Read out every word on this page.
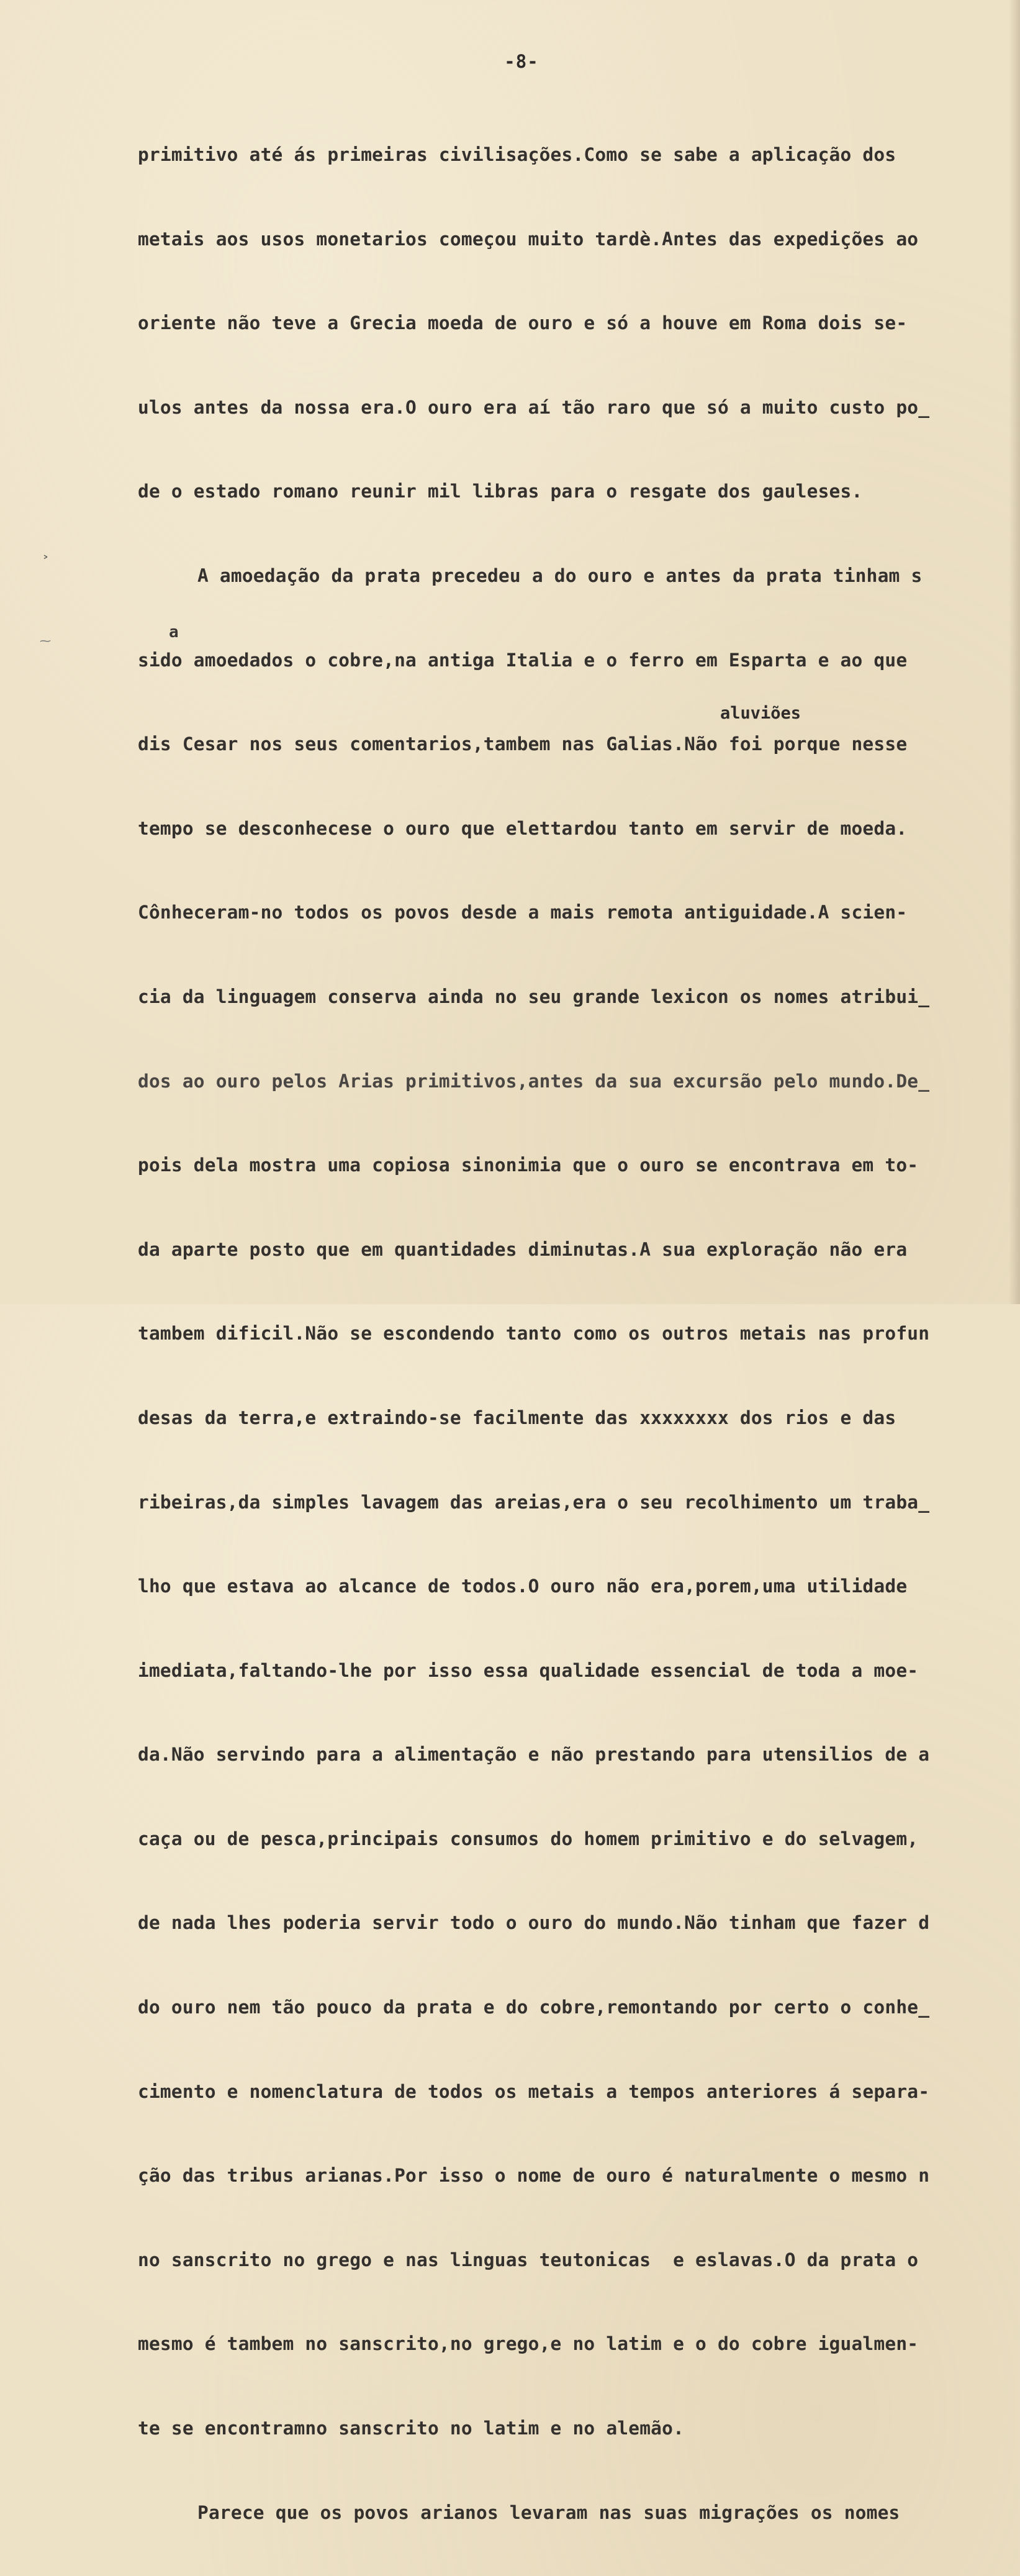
-8-

primitivo até ás primeiras civilisações.Como se sabe a aplicação dos

metais aos usos monetarios começou muito tardè.Antes das expedições ao

oriente não teve a Grecia moeda de ouro e só a houve em Roma dois se-

ulos antes da nossa era.O ouro era aí tão raro que só a muito custo po_

de o estado romano reunir mil libras para o resgate dos gauleses.

A amoedação da prata precedeu a do ouro e antes da prata tinham s

sido amoedados o cobre,na antiga Italia e o ferro em Esparta e ao que

dis Cesar nos seus comentarios,tambem nas Galias.Não foi porque nesse

tempo se desconhecese o ouro que elettardou tanto em servir de moeda.

Cônheceram-no todos os povos desde a mais remota antiguidade.A scien-

cia da linguagem conserva ainda no seu grande lexicon os nomes atribui_

dos ao ouro pelos Arias primitivos,antes da sua excursão pelo mundo.De_

pois dela mostra uma copiosa sinonimia que o ouro se encontrava em to-

da aparte posto que em quantidades diminutas.A sua exploração não era

tambem dificil.Não se escondendo tanto como os outros metais nas profun

desas da terra,e extraindo-se facilmente das xxxxxxxx dos rios e das

ribeiras,da simples lavagem das areias,era o seu recolhimento um traba_

lho que estava ao alcance de todos.O ouro não era,porem,uma utilidade

imediata,faltando-lhe por isso essa qualidade essencial de toda a moe-

da.Não servindo para a alimentação e não prestando para utensilios de a

caça ou de pesca,principais consumos do homem primitivo e do selvagem,

de nada lhes poderia servir todo o ouro do mundo.Não tinham que fazer d

do ouro nem tão pouco da prata e do cobre,remontando por certo o conhe_

cimento e nomenclatura de todos os metais a tempos anteriores á separa-

ção das tribus arianas.Por isso o nome de ouro é naturalmente o mesmo n

no sanscrito no grego e nas linguas teutonicas  e eslavas.O da prata o

mesmo é tambem no sanscrito,no grego,e no latim e o do cobre igualmen-

te se encontramno sanscrito no latim e no alemão.

Parece que os povos arianos levaram nas suas migrações os nomes

a
aluviões
˃
⁓
